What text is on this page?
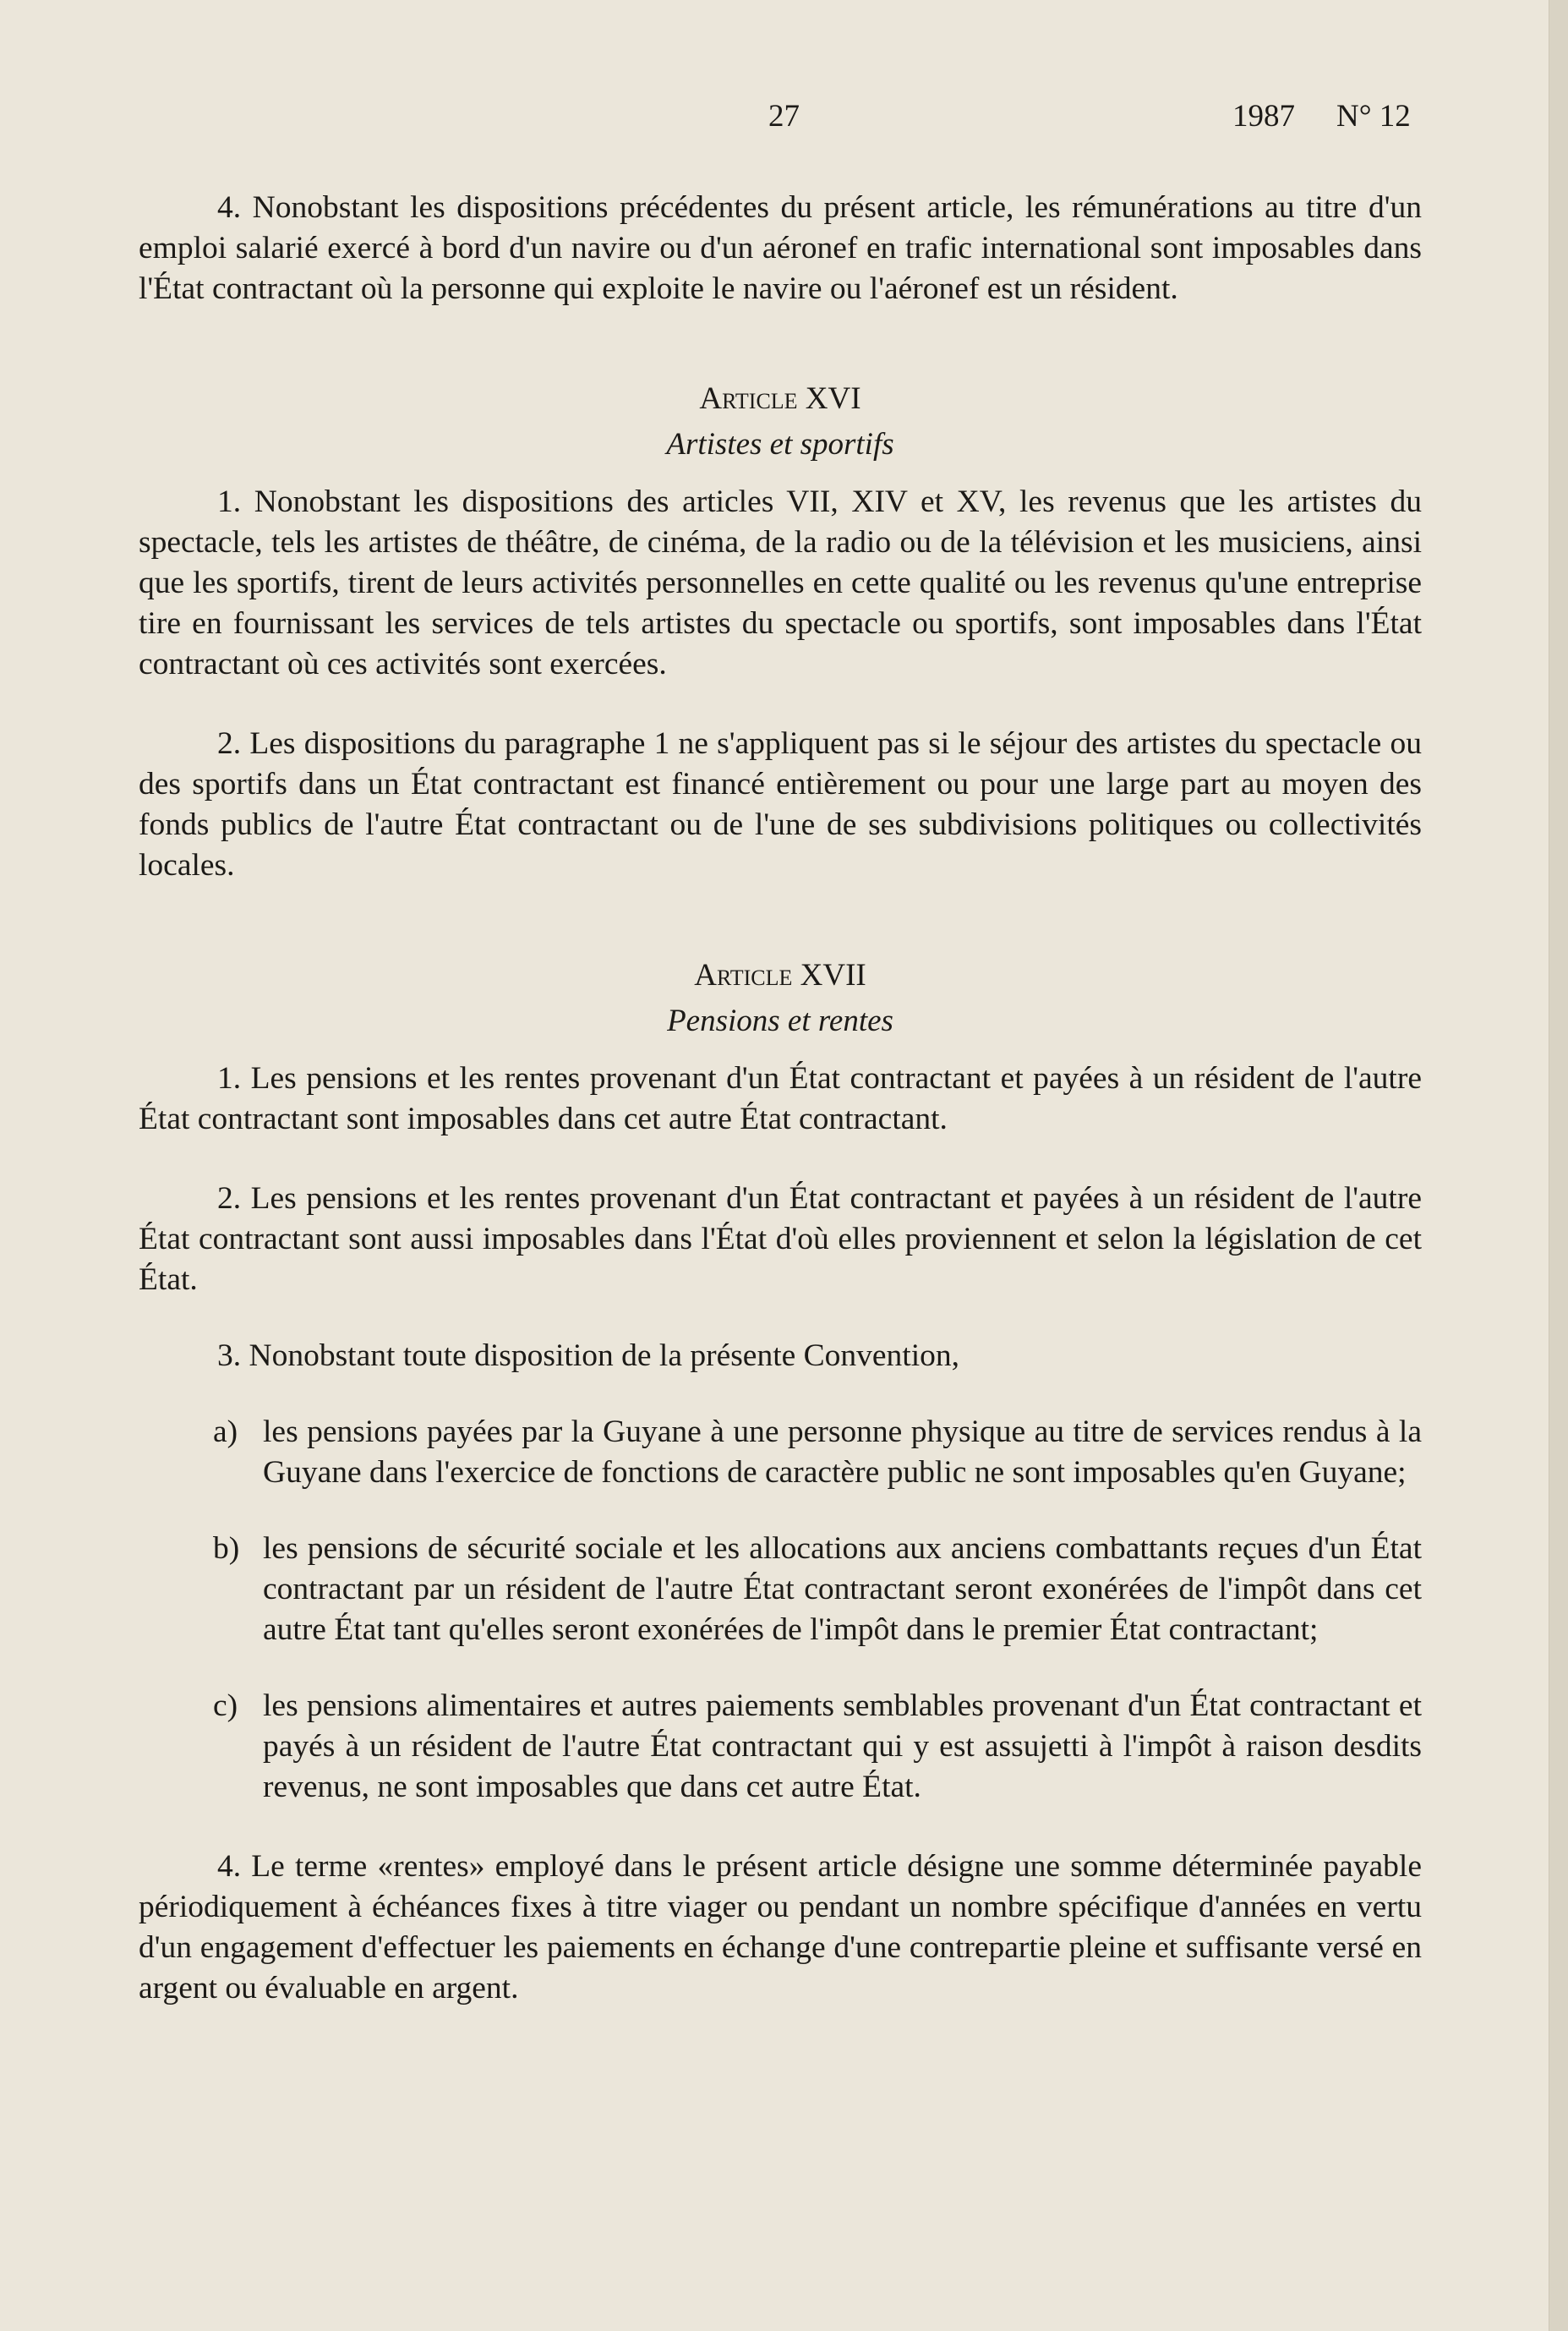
27	1987 N° 12

4. Nonobstant les dispositions précédentes du présent article, les rémunérations au titre d'un emploi salarié exercé à bord d'un navire ou d'un aéronef en trafic international sont imposables dans l'État contractant où la personne qui exploite le navire ou l'aéronef est un résident.

Article XVI
Artistes et sportifs

1. Nonobstant les dispositions des articles VII, XIV et XV, les revenus que les artistes du spectacle, tels les artistes de théâtre, de cinéma, de la radio ou de la télévision et les musiciens, ainsi que les sportifs, tirent de leurs activités personnelles en cette qualité ou les revenus qu'une entreprise tire en fournissant les services de tels artistes du spectacle ou sportifs, sont imposables dans l'État contractant où ces activités sont exercées.

2. Les dispositions du paragraphe 1 ne s'appliquent pas si le séjour des artistes du spectacle ou des sportifs dans un État contractant est financé entièrement ou pour une large part au moyen des fonds publics de l'autre État contractant ou de l'une de ses subdivisions politiques ou collectivités locales.

Article XVII
Pensions et rentes

1. Les pensions et les rentes provenant d'un État contractant et payées à un résident de l'autre État contractant sont imposables dans cet autre État contractant.

2. Les pensions et les rentes provenant d'un État contractant et payées à un résident de l'autre État contractant sont aussi imposables dans l'État d'où elles proviennent et selon la législation de cet État.

3. Nonobstant toute disposition de la présente Convention,

a) les pensions payées par la Guyane à une personne physique au titre de services rendus à la Guyane dans l'exercice de fonctions de caractère public ne sont imposables qu'en Guyane;
b) les pensions de sécurité sociale et les allocations aux anciens combattants reçues d'un État contractant par un résident de l'autre État contractant seront exonérées de l'impôt dans cet autre État tant qu'elles seront exonérées de l'impôt dans le premier État contractant;
c) les pensions alimentaires et autres paiements semblables provenant d'un État contractant et payés à un résident de l'autre État contractant qui y est assujetti à l'impôt à raison desdits revenus, ne sont imposables que dans cet autre État.

4. Le terme «rentes» employé dans le présent article désigne une somme déterminée payable périodiquement à échéances fixes à titre viager ou pendant un nombre spécifique d'années en vertu d'un engagement d'effectuer les paiements en échange d'une contrepartie pleine et suffisante versé en argent ou évaluable en argent.
